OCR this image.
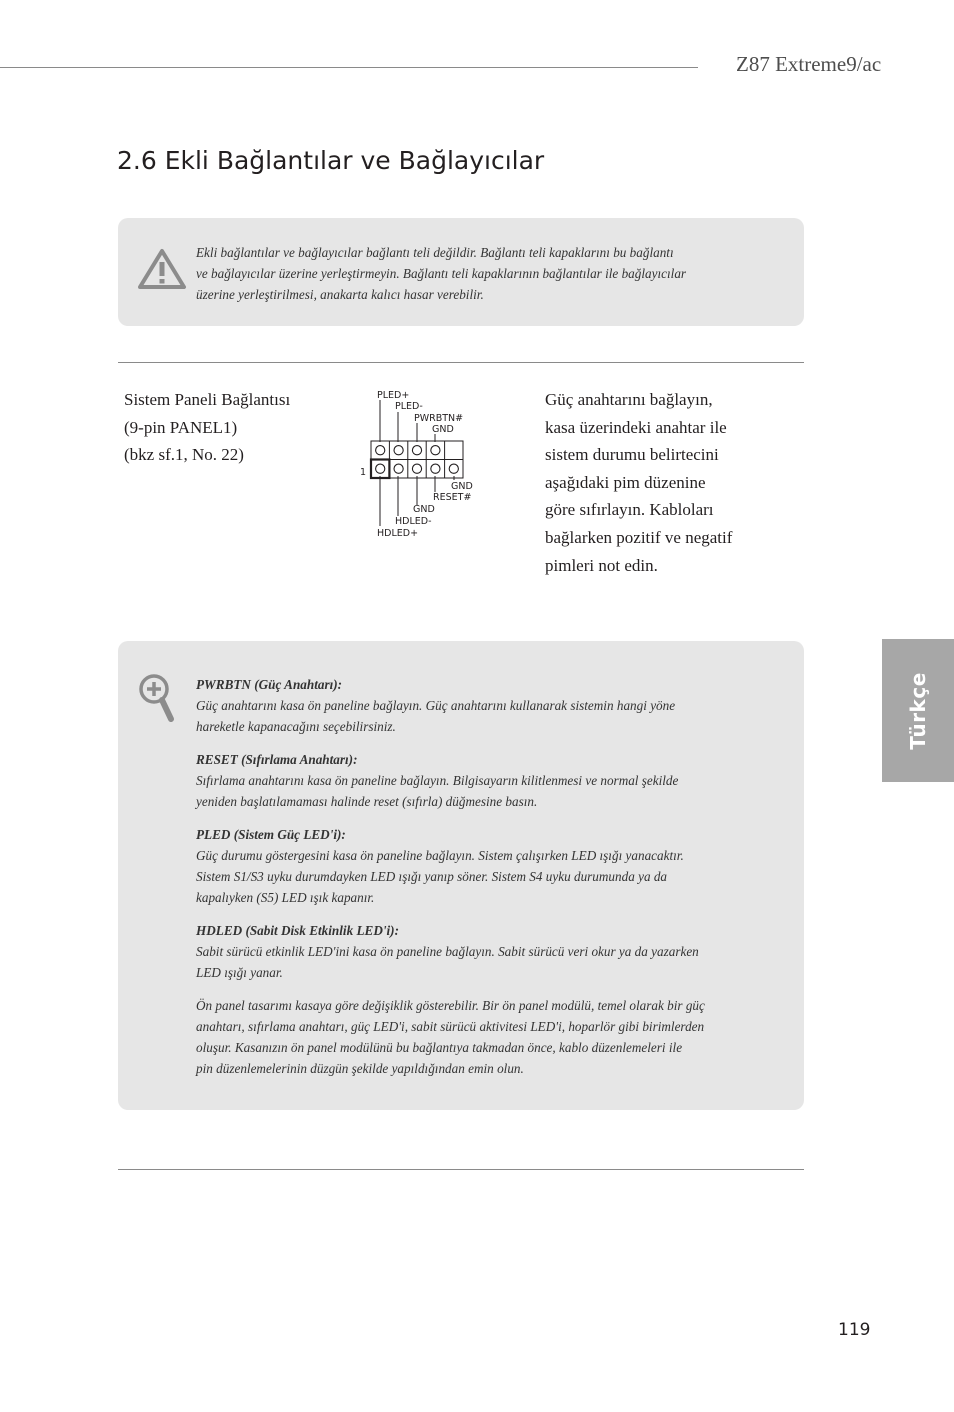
Z87 Extreme9/ac
2.6 Ekli Bağlantılar ve Bağlayıcılar
Ekli bağlantılar ve bağlayıcılar bağlantı teli değildir. Bağlantı teli kapaklarını bu bağlantı
ve bağlayıcılar üzerine yerleştirmeyin. Bağlantı teli kapaklarının bağlantılar ile bağlayıcılar
üzerine yerleştirilmesi, anakarta kalıcı hasar verebilir.
Sistem Paneli Bağlantısı
(9-pin PANEL1)
(bkz sf.1, No. 22)
PLED+
PLED-
PWRBTN#
GND
1
GND
RESET#
GND
HDLED-
HDLED+
Güç anahtarını bağlayın,
kasa üzerindeki anahtar ile
sistem durumu belirtecini
aşağıdaki pim düzenine
göre sıfırlayın. Kabloları
bağlarken pozitif ve negatif
pimleri not edin.
Türkçe
PWRBTN (Güç Anahtarı):
Güç anahtarını kasa ön paneline bağlayın. Güç anahtarını kullanarak sistemin hangi yöne
hareketle kapanacağını seçebilirsiniz.
RESET (Sıfırlama Anahtarı):
Sıfırlama anahtarını kasa ön paneline bağlayın. Bilgisayarın kilitlenmesi ve normal şekilde
yeniden başlatılamaması halinde reset (sıfırla) düğmesine basın.
PLED (Sistem Güç LED'i):
Güç durumu göstergesini kasa ön paneline bağlayın. Sistem çalışırken LED ışığı yanacaktır.
Sistem S1/S3 uyku durumdayken LED ışığı yanıp söner. Sistem S4 uyku durumunda ya da
kapalıyken (S5) LED ışık kapanır.
HDLED (Sabit Disk Etkinlik LED'i):
Sabit sürücü etkinlik LED'ini kasa ön paneline bağlayın. Sabit sürücü veri okur ya da yazarken
LED ışığı yanar.
Ön panel tasarımı kasaya göre değişiklik gösterebilir. Bir ön panel modülü, temel olarak bir güç
anahtarı, sıfırlama anahtarı, güç LED'i, sabit sürücü aktivitesi LED'i, hoparlör gibi birimlerden
oluşur. Kasanızın ön panel modülünü bu bağlantıya takmadan önce, kablo düzenlemeleri ile
pin düzenlemelerinin düzgün şekilde yapıldığından emin olun.
119
